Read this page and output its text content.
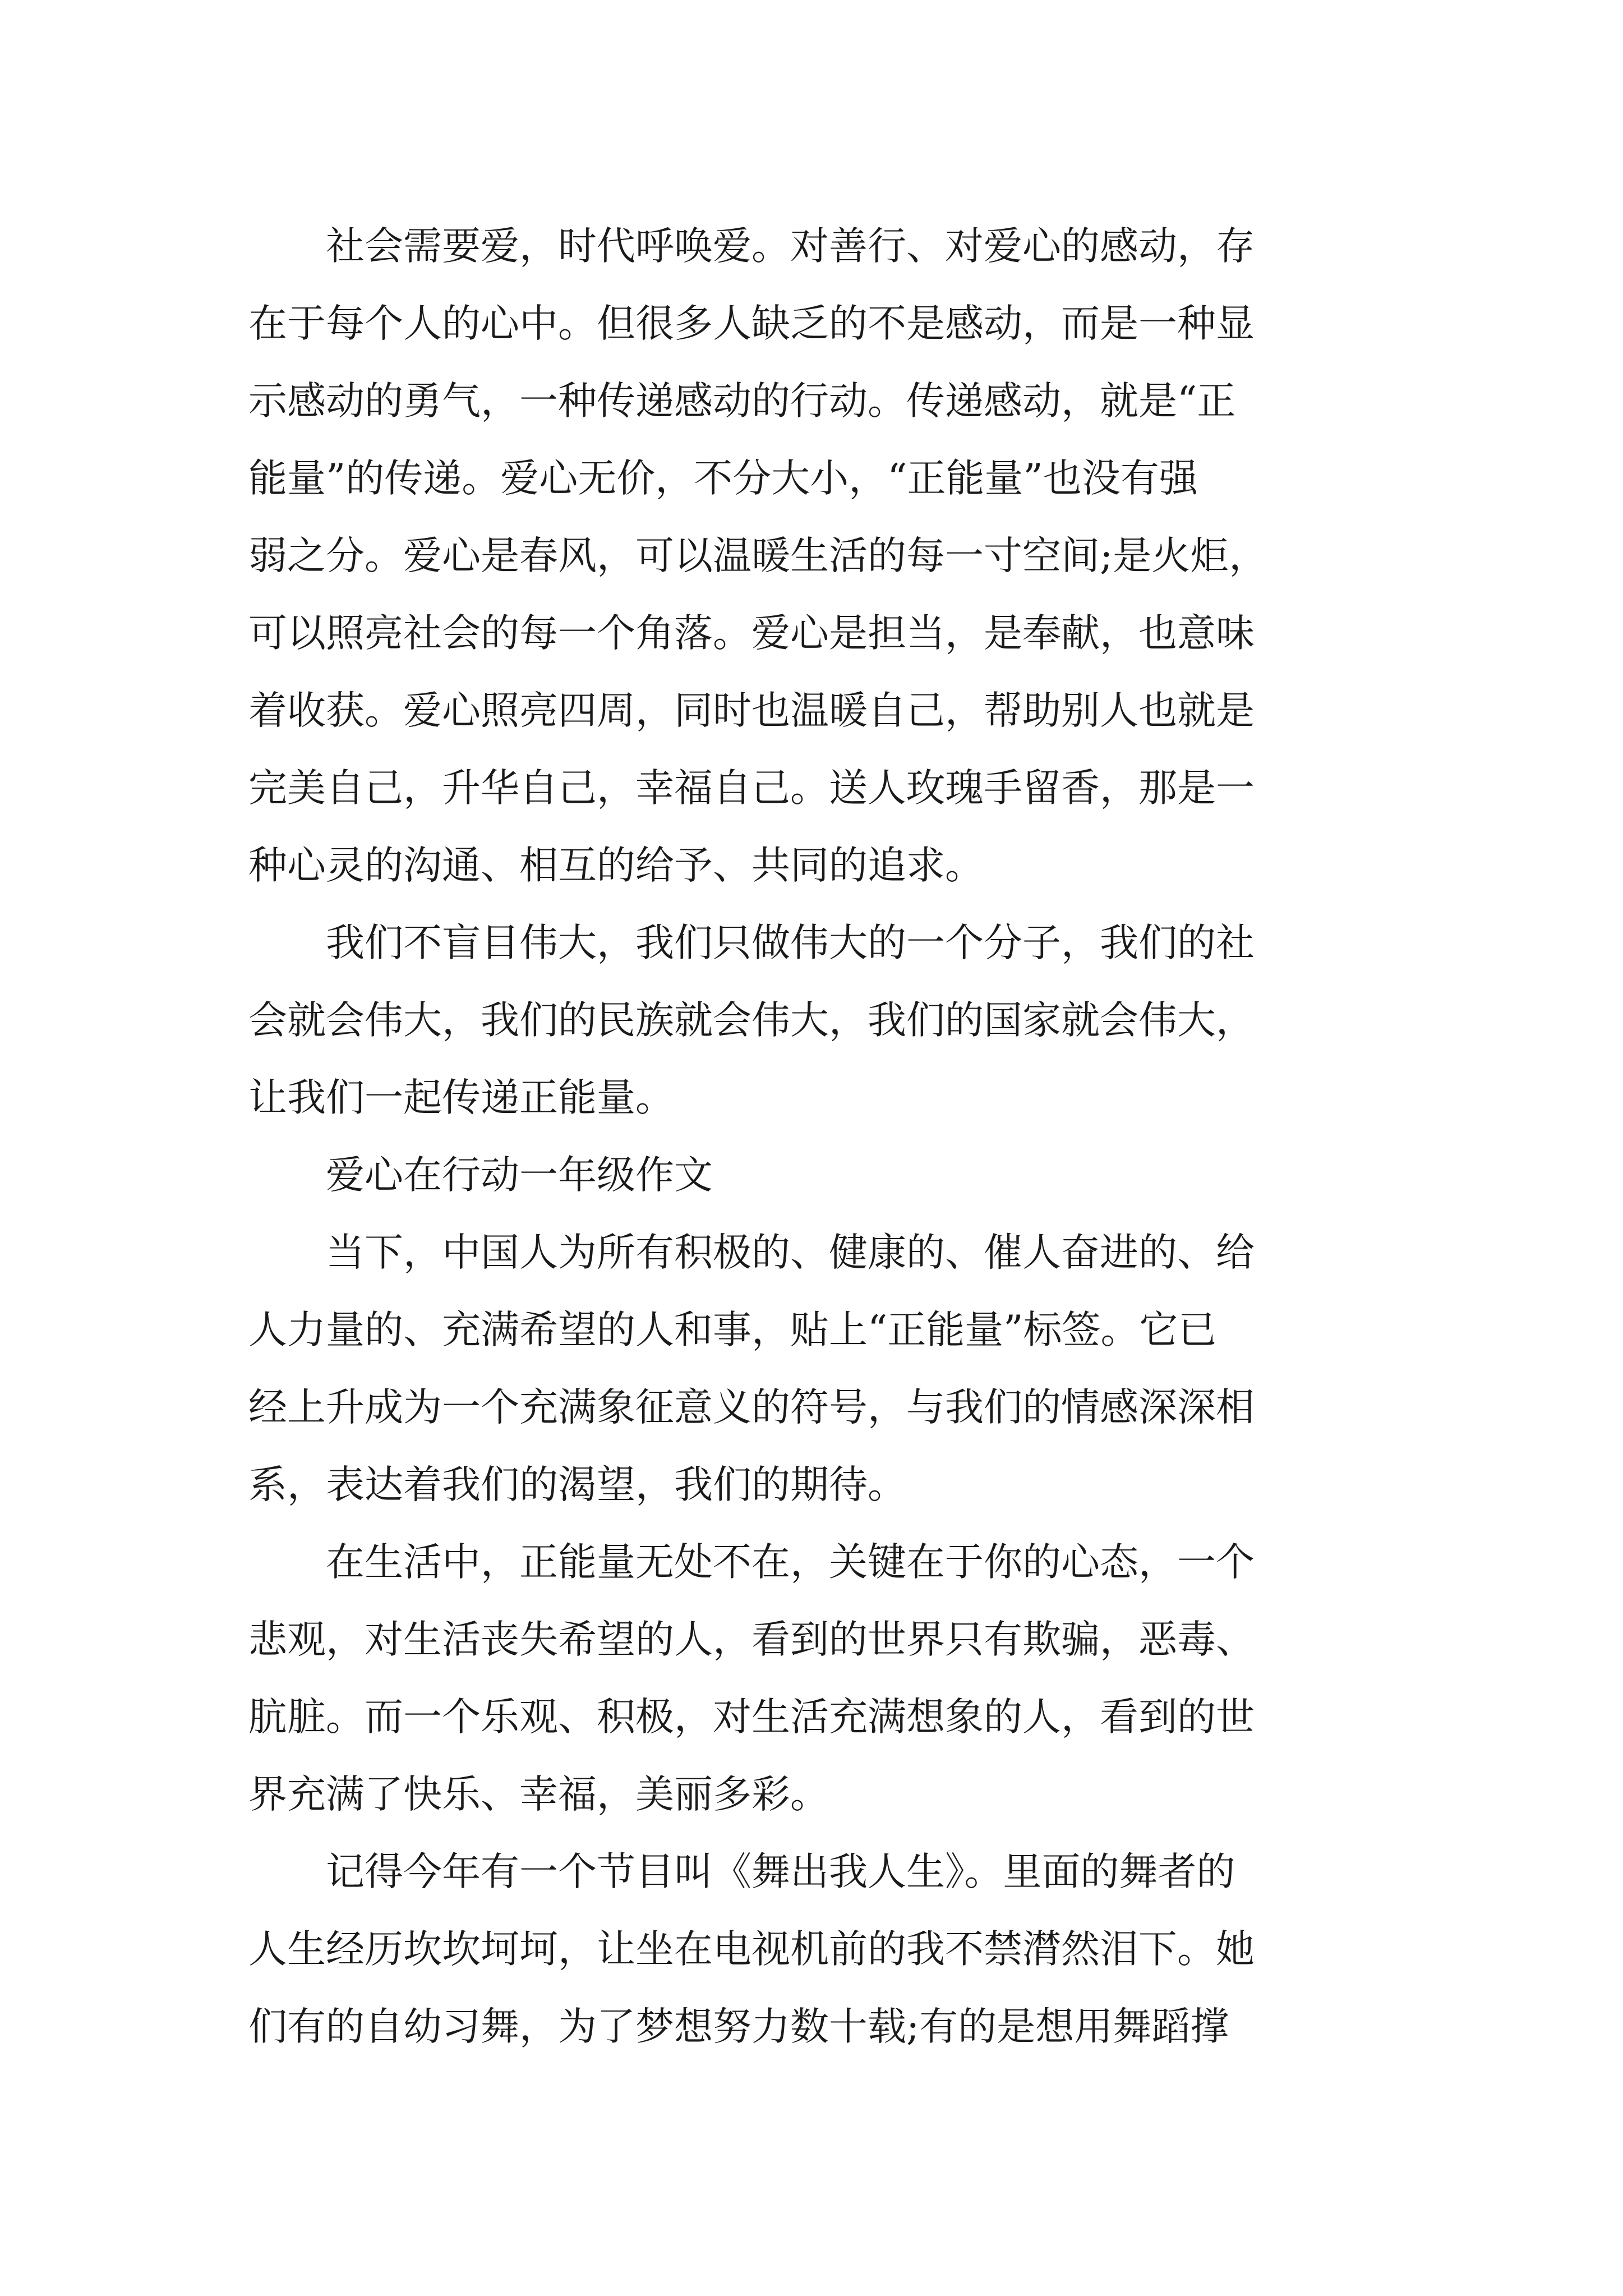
　　社会需要爱，时代呼唤爱。对善行、对爱心的感动，存
在于每个人的心中。但很多人缺乏的不是感动，而是一种显
示感动的勇气，一种传递感动的行动。传递感动，就是“正
能量”的传递。爱心无价，不分大小，“正能量”也没有强
弱之分。爱心是春风，可以温暖生活的每一寸空间;是火炬，
可以照亮社会的每一个角落。爱心是担当，是奉献，也意味
着收获。爱心照亮四周，同时也温暖自己，帮助别人也就是
完美自己，升华自己，幸福自己。送人玫瑰手留香，那是一
种心灵的沟通、相互的给予、共同的追求。
　　我们不盲目伟大，我们只做伟大的一个分子，我们的社
会就会伟大，我们的民族就会伟大，我们的国家就会伟大，
让我们一起传递正能量。
　　爱心在行动一年级作文
　　当下，中国人为所有积极的、健康的、催人奋进的、给
人力量的、充满希望的人和事，贴上“正能量”标签。它已
经上升成为一个充满象征意义的符号，与我们的情感深深相
系，表达着我们的渴望，我们的期待。
　　在生活中，正能量无处不在，关键在于你的心态，一个
悲观，对生活丧失希望的人，看到的世界只有欺骗，恶毒、
肮脏。而一个乐观、积极，对生活充满想象的人，看到的世
界充满了快乐、幸福，美丽多彩。
　　记得今年有一个节目叫《舞出我人生》。里面的舞者的
人生经历坎坎坷坷，让坐在电视机前的我不禁潸然泪下。她
们有的自幼习舞，为了梦想努力数十载;有的是想用舞蹈撑
